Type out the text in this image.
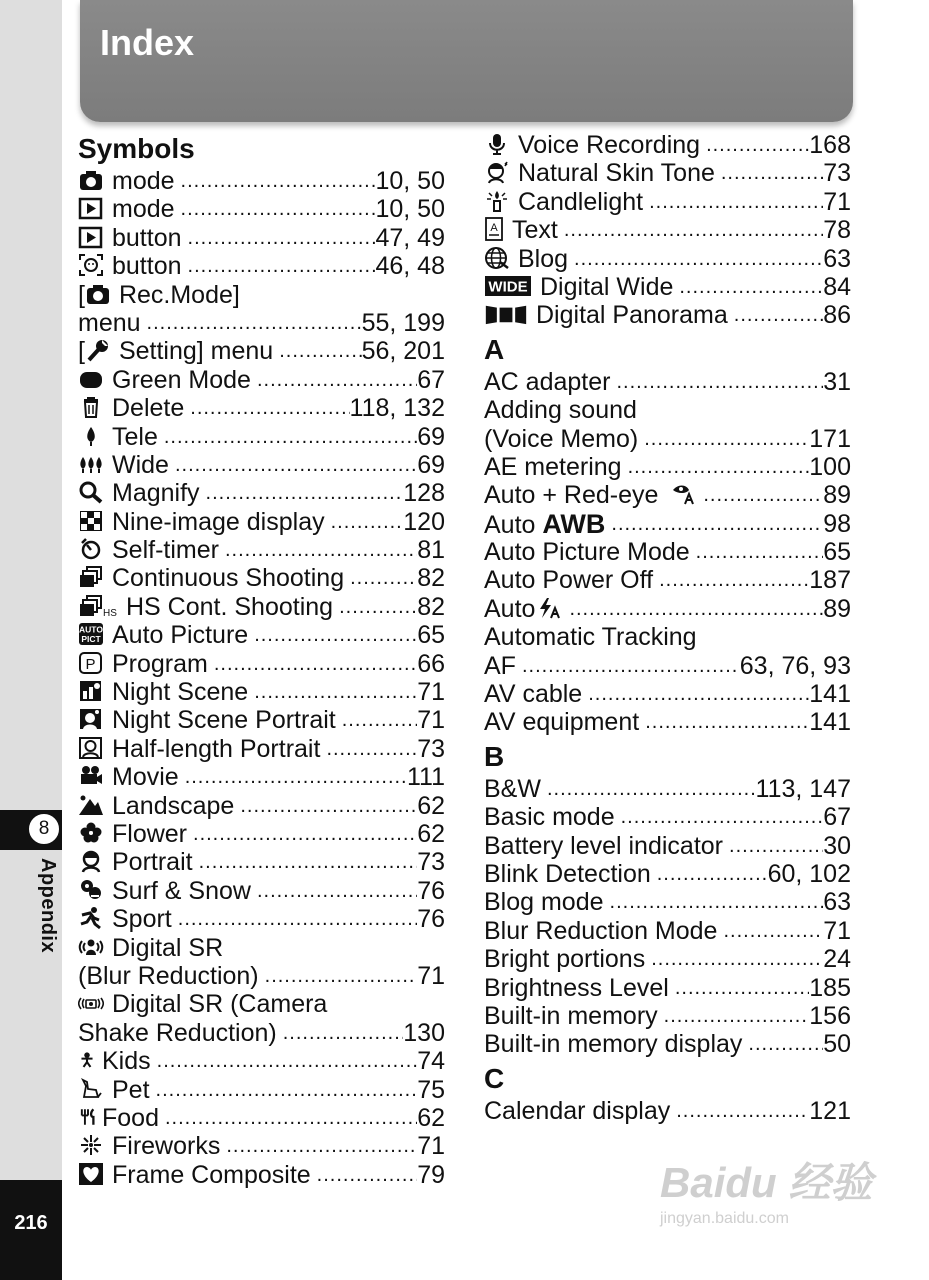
8
Appendix
216
Index
Symbols
mode .....	10, 50
mode .....	10, 50
button .....	47, 49
button .....	46, 48
[ Rec.Mode]
menu .....	55, 199
[ Setting] menu .....	56, 201
Green Mode .....	67
Delete .....	118, 132
Tele .....	69
Wide .....	69
Magnify .....	128
Nine-image display .....	120
Self-timer .....	81
Continuous Shooting .....	82
HS HS Cont. Shooting .....	82
AUTO
PICT Auto Picture .....	65
P Program .....	66
Night Scene .....	71
Night Scene Portrait .....	71
Half-length Portrait .....	73
Movie .....	111
Landscape .....	62
Flower .....	62
Portrait .....	73
Surf & Snow .....	76
Sport .....	76
Digital SR
(Blur Reduction) .....	71
Digital SR (Camera
Shake Reduction) .....	130
Kids .....	74
Pet .....	75
Food .....	62
Fireworks .....	71
Frame Composite .....	79
Voice Recording .....	168
Natural Skin Tone .....	73
Candlelight .....	71
A Text .....	78
Blog .....	63
WIDE Digital Wide .....	84
Digital Panorama .....	86
A
AC adapter .....	31
Adding sound
(Voice Memo) .....	171
AE metering .....	100
Auto + Red-eye .....	89
Auto AWB .....	98
Auto Picture Mode .....	65
Auto Power Off .....	187
Auto .....	89
Automatic Tracking
AF .....	63, 76, 93
AV cable .....	141
AV equipment .....	141
B
B&W .....	113, 147
Basic mode .....	67
Battery level indicator .....	30
Blink Detection .....	60, 102
Blog mode .....	63
Blur Reduction Mode .....	71
Bright portions .....	24
Brightness Level .....	185
Built-in memory .....	156
Built-in memory display .....	50
C
Calendar display .....	121
Baidu 经验
jingyan.baidu.com
